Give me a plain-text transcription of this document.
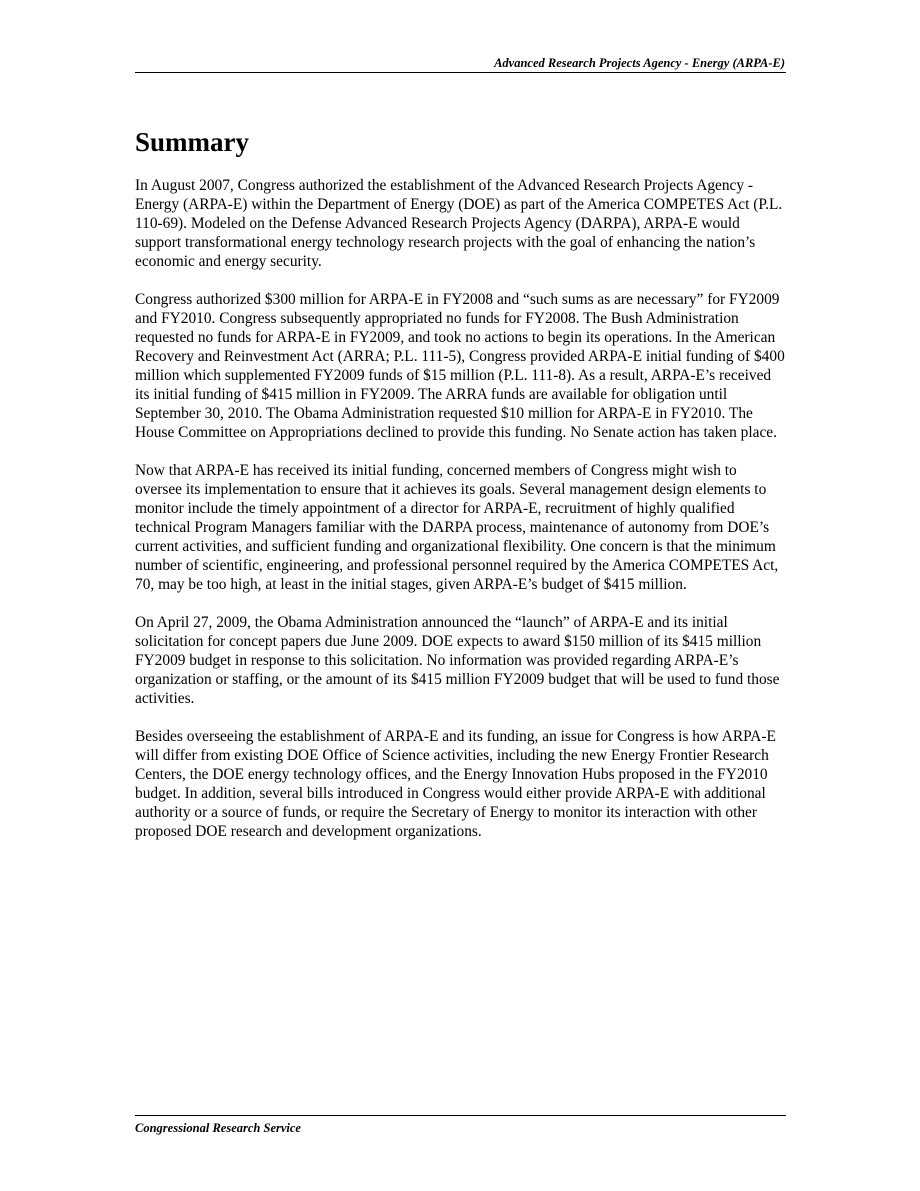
Advanced Research Projects Agency - Energy (ARPA-E)
Summary

In August 2007, Congress authorized the establishment of the Advanced Research Projects Agency - Energy (ARPA-E) within the Department of Energy (DOE) as part of the America COMPETES Act (P.L. 110-69). Modeled on the Defense Advanced Research Projects Agency (DARPA), ARPA-E would support transformational energy technology research projects with the goal of enhancing the nation’s economic and energy security.

Congress authorized $300 million for ARPA-E in FY2008 and “such sums as are necessary” for FY2009 and FY2010. Congress subsequently appropriated no funds for FY2008. The Bush Administration requested no funds for ARPA-E in FY2009, and took no actions to begin its operations. In the American Recovery and Reinvestment Act (ARRA; P.L. 111-5), Congress provided ARPA-E initial funding of $400 million which supplemented FY2009 funds of $15 million (P.L. 111-8). As a result, ARPA-E’s received its initial funding of $415 million in FY2009. The ARRA funds are available for obligation until September 30, 2010. The Obama Administration requested $10 million for ARPA-E in FY2010. The House Committee on Appropriations declined to provide this funding. No Senate action has taken place.

Now that ARPA-E has received its initial funding, concerned members of Congress might wish to oversee its implementation to ensure that it achieves its goals. Several management design elements to monitor include the timely appointment of a director for ARPA-E, recruitment of highly qualified technical Program Managers familiar with the DARPA process, maintenance of autonomy from DOE’s current activities, and sufficient funding and organizational flexibility. One concern is that the minimum number of scientific, engineering, and professional personnel required by the America COMPETES Act, 70, may be too high, at least in the initial stages, given ARPA-E’s budget of $415 million.

On April 27, 2009, the Obama Administration announced the “launch” of ARPA-E and its initial solicitation for concept papers due June 2009. DOE expects to award $150 million of its $415 million FY2009 budget in response to this solicitation. No information was provided regarding ARPA-E’s organization or staffing, or the amount of its $415 million FY2009 budget that will be used to fund those activities.

Besides overseeing the establishment of ARPA-E and its funding, an issue for Congress is how ARPA-E will differ from existing DOE Office of Science activities, including the new Energy Frontier Research Centers, the DOE energy technology offices, and the Energy Innovation Hubs proposed in the FY2010 budget. In addition, several bills introduced in Congress would either provide ARPA-E with additional authority or a source of funds, or require the Secretary of Energy to monitor its interaction with other proposed DOE research and development organizations.

Congressional Research Service
